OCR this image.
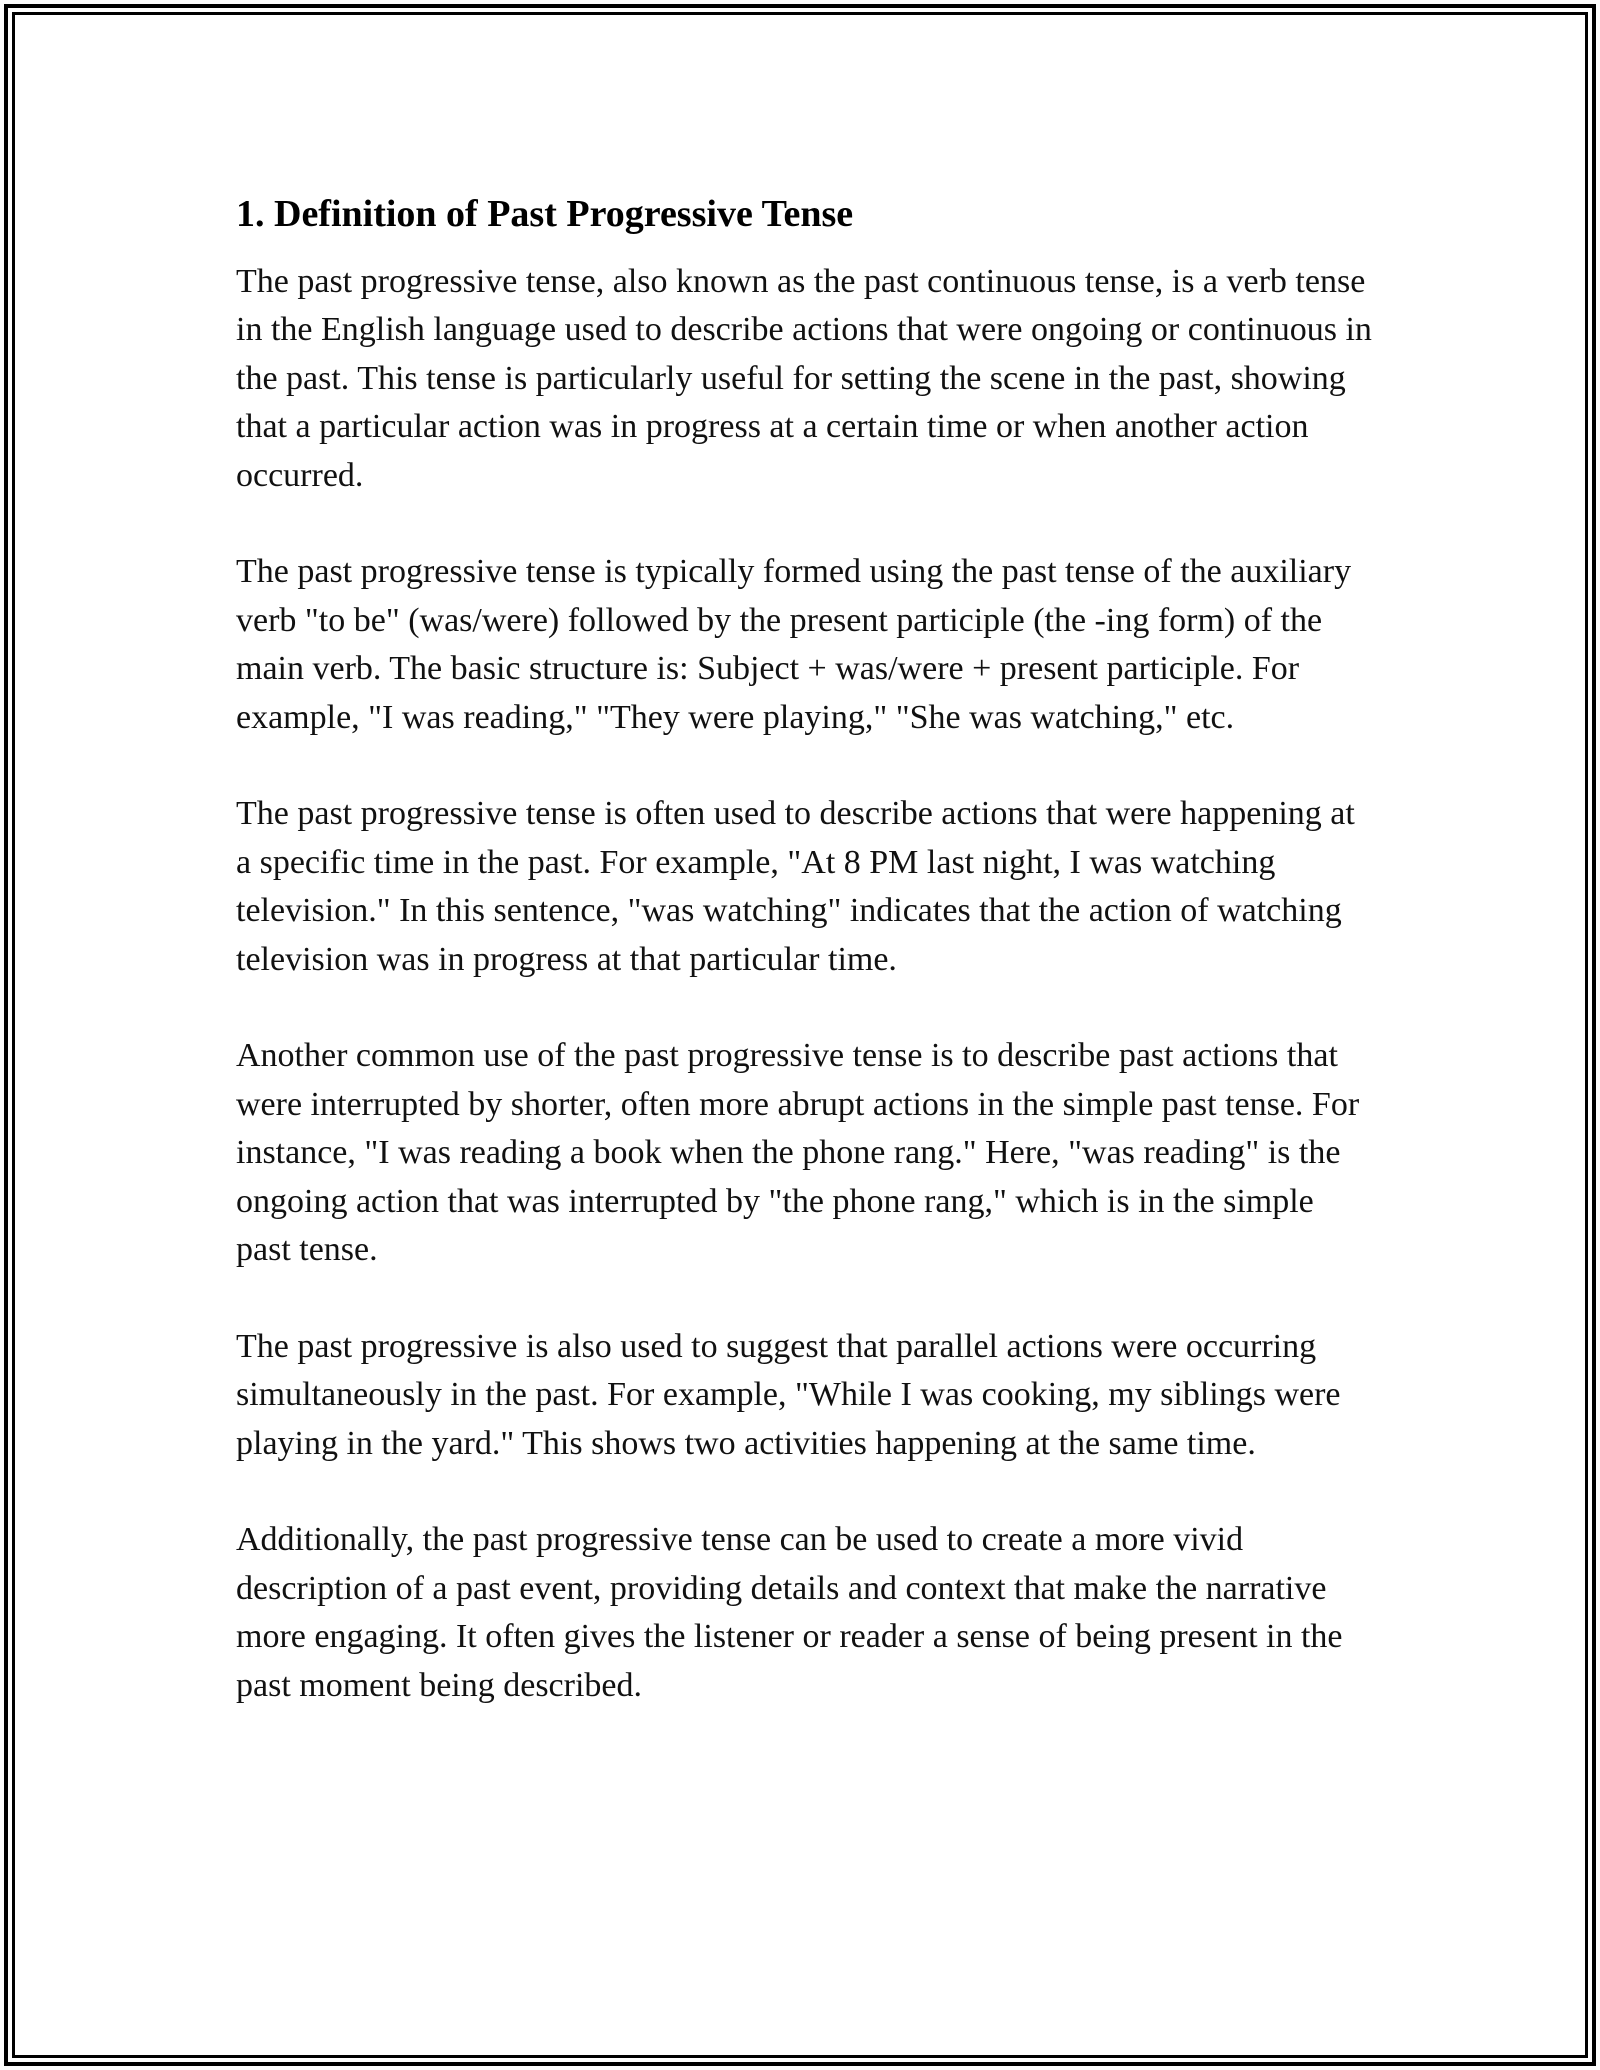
1. Definition of Past Progressive Tense

The past progressive tense, also known as the past continuous tense, is a verb tense in the English language used to describe actions that were ongoing or continuous in the past. This tense is particularly useful for setting the scene in the past, showing that a particular action was in progress at a certain time or when another action occurred.

The past progressive tense is typically formed using the past tense of the auxiliary verb "to be" (was/were) followed by the present participle (the -ing form) of the main verb. The basic structure is: Subject + was/were + present participle. For example, "I was reading," "They were playing," "She was watching," etc.

The past progressive tense is often used to describe actions that were happening at a specific time in the past. For example, "At 8 PM last night, I was watching television." In this sentence, "was watching" indicates that the action of watching television was in progress at that particular time.

Another common use of the past progressive tense is to describe past actions that were interrupted by shorter, often more abrupt actions in the simple past tense. For instance, "I was reading a book when the phone rang." Here, "was reading" is the ongoing action that was interrupted by "the phone rang," which is in the simple past tense.

The past progressive is also used to suggest that parallel actions were occurring simultaneously in the past. For example, "While I was cooking, my siblings were playing in the yard." This shows two activities happening at the same time.

Additionally, the past progressive tense can be used to create a more vivid description of a past event, providing details and context that make the narrative more engaging. It often gives the listener or reader a sense of being present in the past moment being described.
